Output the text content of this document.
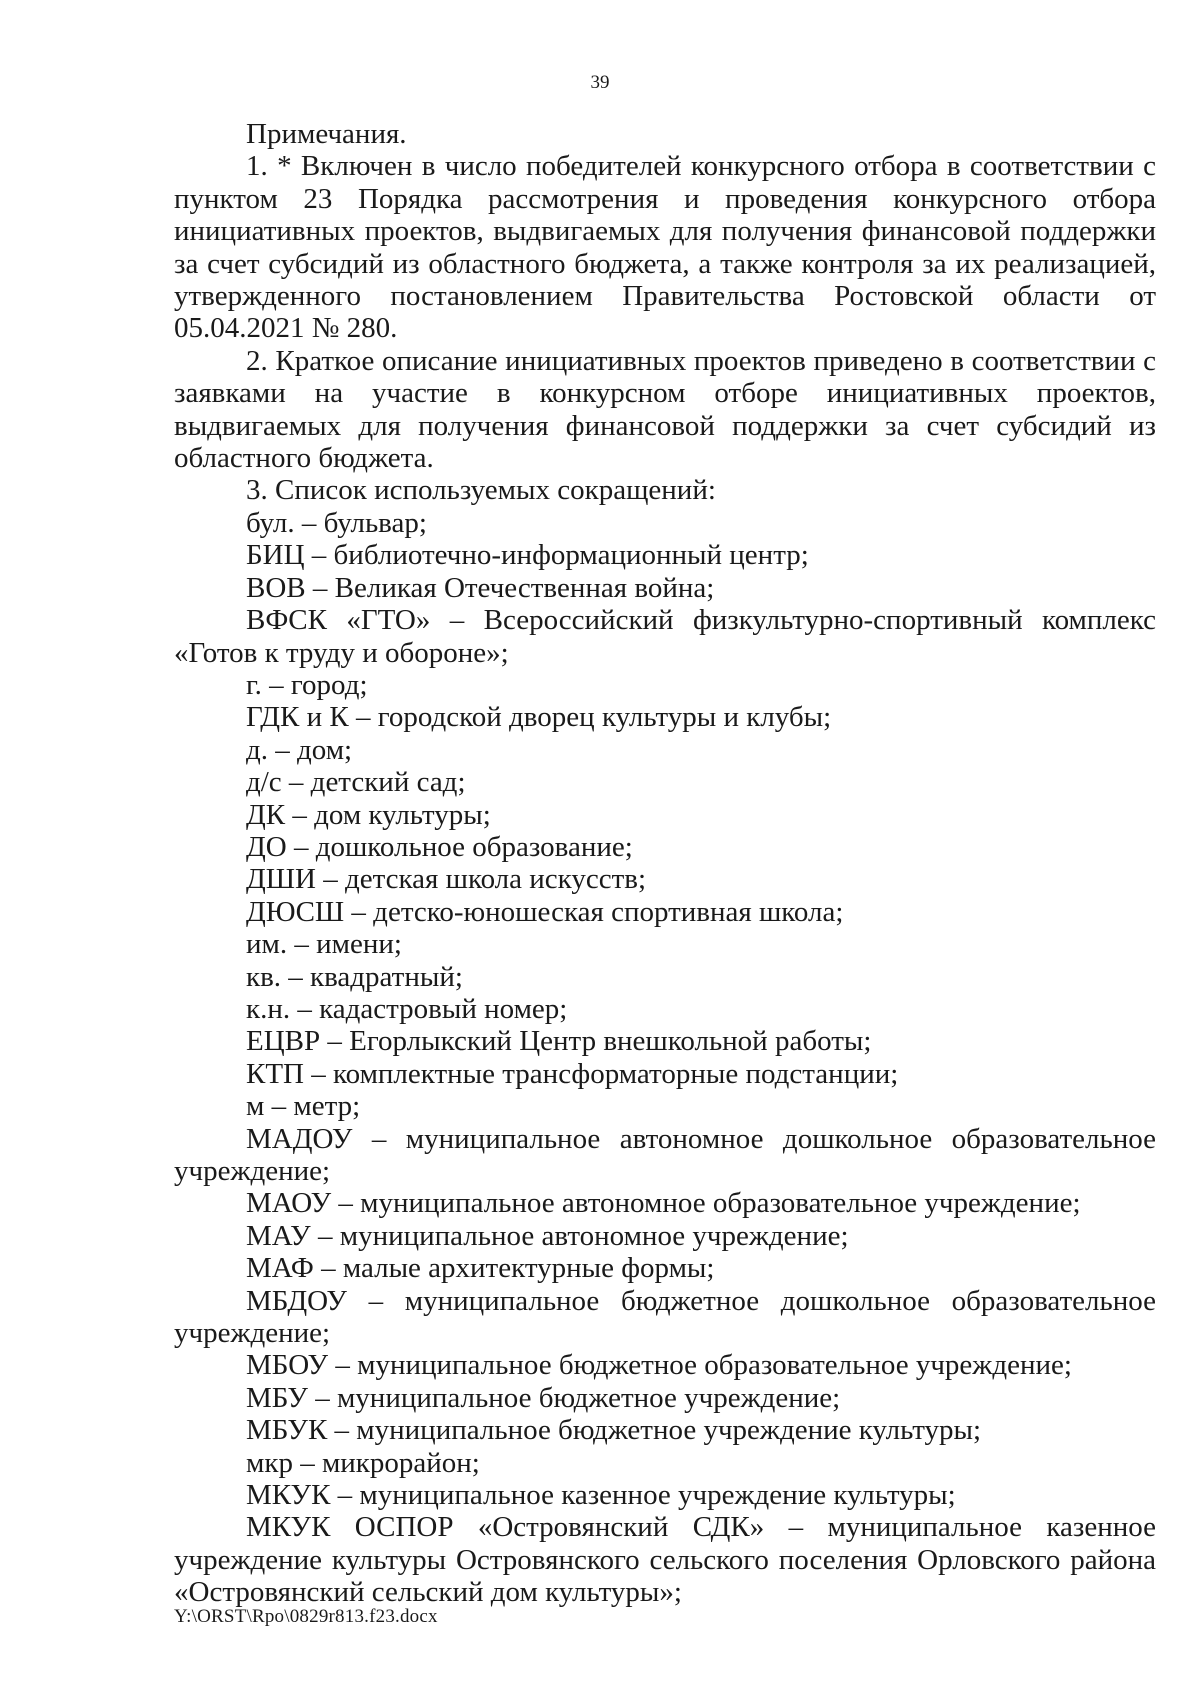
39

Примечания.

1. * Включен в число победителей конкурсного отбора в соответствии с пунктом 23 Порядка рассмотрения и проведения конкурсного отбора инициативных проектов, выдвигаемых для получения финансовой поддержки за счет субсидий из областного бюджета, а также контроля за их реализацией, утвержденного постановлением Правительства Ростовской области от 05.04.2021 № 280.

2. Краткое описание инициативных проектов приведено в соответствии с заявками на участие в конкурсном отборе инициативных проектов, выдвигаемых для получения финансовой поддержки за счет субсидий из областного бюджета.

3. Список используемых сокращений:

бул. – бульвар;

БИЦ – библиотечно-информационный центр;

ВОВ – Великая Отечественная война;

ВФСК «ГТО» – Всероссийский физкультурно-спортивный комплекс «Готов к труду и обороне»;

г. – город;

ГДК и К – городской дворец культуры и клубы;

д. – дом;

д/с – детский сад;

ДК – дом культуры;

ДО – дошкольное образование;

ДШИ – детская школа искусств;

ДЮСШ – детско-юношеская спортивная школа;

им. – имени;

кв. – квадратный;

к.н. – кадастровый номер;

ЕЦВР – Егорлыкский Центр внешкольной работы;

КТП – комплектные трансформаторные подстанции;

м – метр;

МАДОУ – муниципальное автономное дошкольное образовательное учреждение;

МАОУ – муниципальное автономное образовательное учреждение;

МАУ – муниципальное автономное учреждение;

МАФ – малые архитектурные формы;

МБДОУ – муниципальное бюджетное дошкольное образовательное учреждение;

МБОУ – муниципальное бюджетное образовательное учреждение;

МБУ – муниципальное бюджетное учреждение;

МБУК – муниципальное бюджетное учреждение культуры;

мкр – микрорайон;

МКУК – муниципальное казенное учреждение культуры;

МКУК ОСПОР «Островянский СДК» – муниципальное казенное учреждение культуры Островянского сельского поселения Орловского района «Островянский сельский дом культуры»;

Y:\ORST\Rpo\0829r813.f23.docx
